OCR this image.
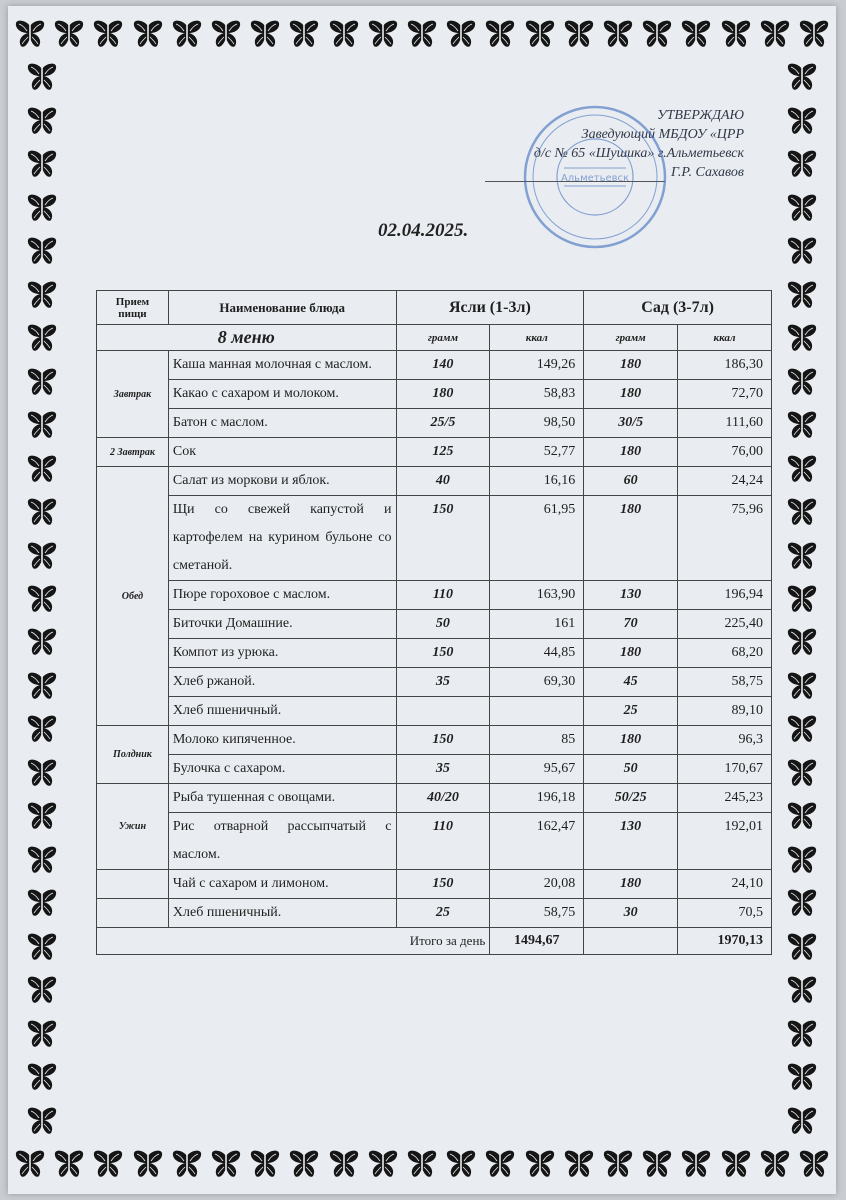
УТВЕРЖДАЮ
Заведующий МБДОУ «ЦРР
д/с № 65 «Шушика» г.Альметьевск
Г.Р. Сахавов
Альметьевск
02.04.2025.
Прием пищи	Наименование блюда	Ясли (1-3л)		Сад (3-7л)	
8 меню		грамм	ккал	грамм	ккал
Завтрак	Каша манная молочная с маслом.	140	149,26	180	186,30
	Какао с сахаром и молоком.	180	58,83	180	72,70
	Батон с маслом.	25/5	98,50	30/5	111,60
2 Завтрак	Сок	125	52,77	180	76,00
Обед	Салат из моркови и яблок.	40	16,16	60	24,24
	Щи со свежей капустой и картофелем на курином бульоне со сметаной.	150	61,95	180	75,96
	Пюре гороховое с маслом.	110	163,90	130	196,94
	Биточки Домашние.	50	161	70	225,40
	Компот из урюка.	150	44,85	180	68,20
	Хлеб ржаной.	35	69,30	45	58,75
	Хлеб пшеничный.			25	89,10
Полдник	Молоко кипяченное.	150	85	180	96,3
	Булочка с сахаром.	35	95,67	50	170,67
Ужин	Рыба тушенная с овощами.	40/20	196,18	50/25	245,23
	Рис отварной рассыпчатый с маслом.	110	162,47	130	192,01
	Чай с сахаром и лимоном.	150	20,08	180	24,10
	Хлеб пшеничный.	25	58,75	30	70,5
Итого за день			1494,67		1970,13
